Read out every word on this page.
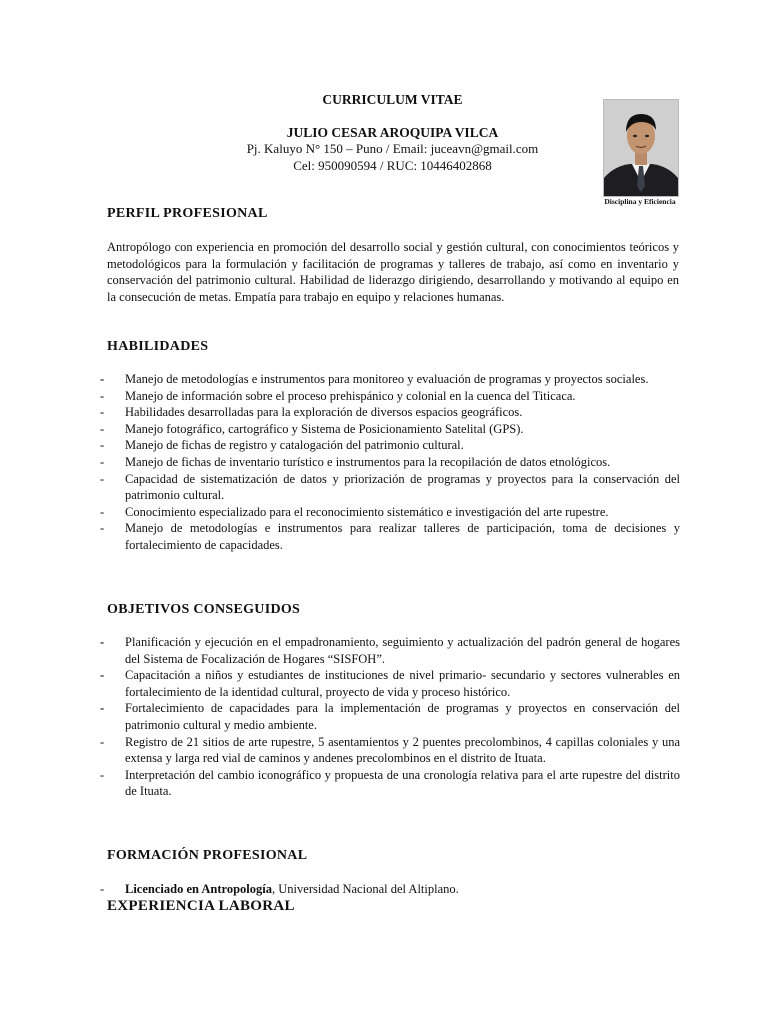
CURRICULUM VITAE
JULIO CESAR AROQUIPA VILCA
Pj. Kaluyo N° 150 – Puno / Email: juceavn@gmail.com
Cel: 950090594 / RUC: 10446402868
Disciplina y Eficiencia
PERFIL PROFESIONAL

Antropólogo con experiencia en promoción del desarrollo social y gestión cultural, con conocimientos teóricos y metodológicos para la formulación y facilitación de programas y talleres de trabajo, así como en inventario y conservación del patrimonio cultural. Habilidad de liderazgo dirigiendo, desarrollando y motivando al equipo en la consecución de metas. Empatía para trabajo en equipo y relaciones humanas.

HABILIDADES
- Manejo de metodologías e instrumentos para monitoreo y evaluación de programas y proyectos sociales.
- Manejo de información sobre el proceso prehispánico y colonial en la cuenca del Titicaca.
- Habilidades desarrolladas para la exploración de diversos espacios geográficos.
- Manejo fotográfico, cartográfico y Sistema de Posicionamiento Satelital (GPS).
- Manejo de fichas de registro y catalogación del patrimonio cultural.
- Manejo de fichas de inventario turístico e instrumentos para la recopilación de datos etnológicos.
- Capacidad de sistematización de datos y priorización de programas y proyectos para la conservación del patrimonio cultural.
- Conocimiento especializado para el reconocimiento sistemático e investigación del arte rupestre.
- Manejo de metodologías e instrumentos para realizar talleres de participación, toma de decisiones y fortalecimiento de capacidades.
OBJETIVOS CONSEGUIDOS
- Planificación y ejecución en el empadronamiento, seguimiento y actualización del padrón general de hogares del Sistema de Focalización de Hogares “SISFOH”.
- Capacitación a niños y estudiantes de instituciones de nivel primario- secundario y sectores vulnerables en fortalecimiento de la identidad cultural, proyecto de vida y proceso histórico.
- Fortalecimiento de capacidades para la implementación de programas y proyectos en conservación del patrimonio cultural y medio ambiente.
- Registro de 21 sitios de arte rupestre, 5 asentamientos y 2 puentes precolombinos, 4 capillas coloniales y una extensa y larga red vial de caminos y andenes precolombinos en el distrito de Ituata.
- Interpretación del cambio iconográfico y propuesta de una cronología relativa para el arte rupestre del distrito de Ituata.
FORMACIÓN PROFESIONAL
- Licenciado en Antropología, Universidad Nacional del Altiplano.
EXPERIENCIA LABORAL
